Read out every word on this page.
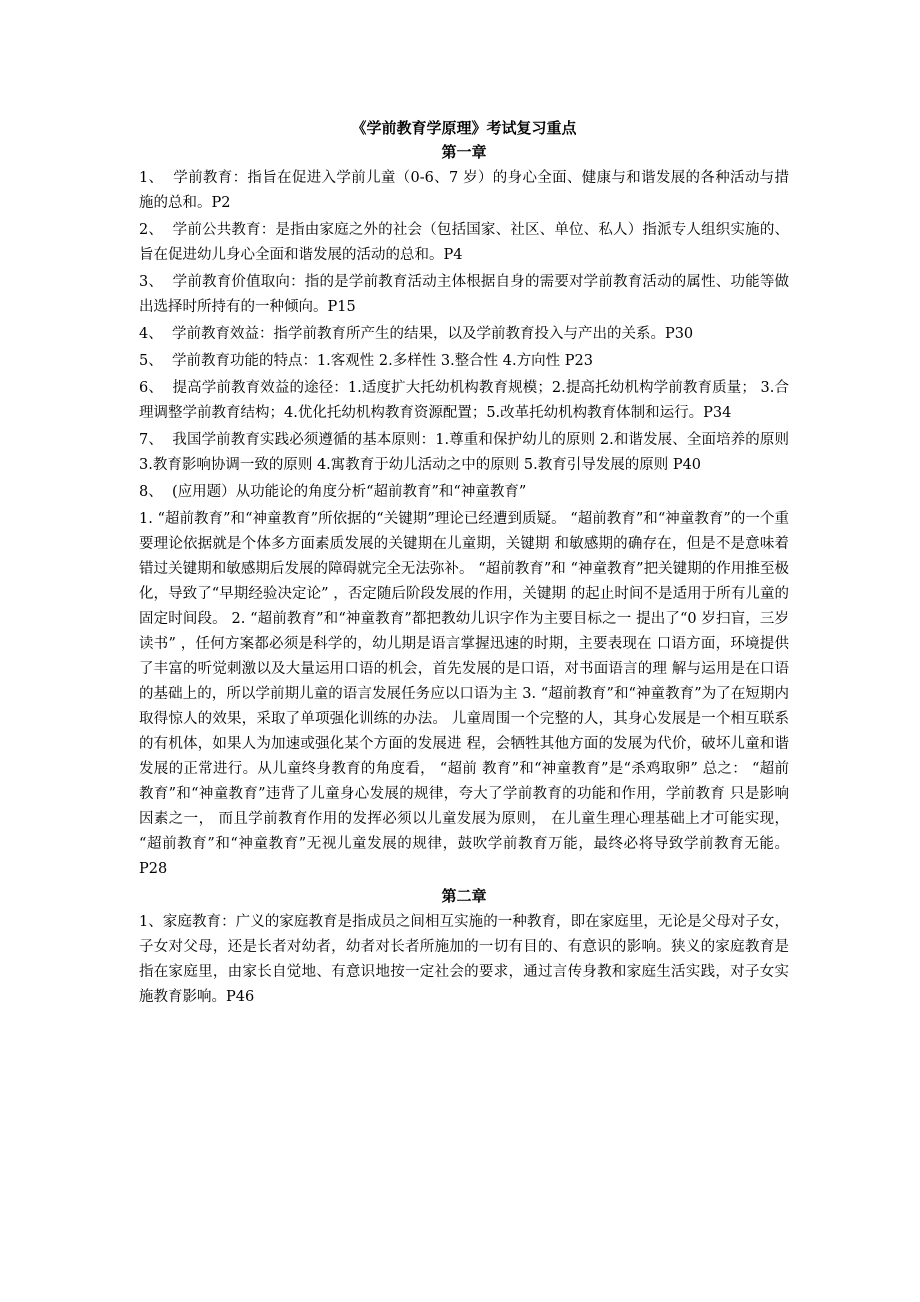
《学前教育学原理》考试复习重点

第一章

1、 学前教育：指旨在促进入学前儿童（0-6、7 岁）的身心全面、健康与和谐发展的各种活动与措施的总和。P2

2、 学前公共教育：是指由家庭之外的社会（包括国家、社区、单位、私人）指派专人组织实施的、旨在促进幼儿身心全面和谐发展的活动的总和。P4

3、 学前教育价值取向：指的是学前教育活动主体根据自身的需要对学前教育活动的属性、功能等做出选择时所持有的一种倾向。P15

4、 学前教育效益：指学前教育所产生的结果，以及学前教育投入与产出的关系。P30

5、 学前教育功能的特点：1.客观性 2.多样性 3.整合性 4.方向性 P23

6、 提高学前教育效益的途径：1.适度扩大托幼机构教育规模；2.提高托幼机构学前教育质量； 3.合理调整学前教育结构；4.优化托幼机构教育资源配置；5.改革托幼机构教育体制和运行。P34

7、 我国学前教育实践必须遵循的基本原则：1.尊重和保护幼儿的原则 2.和谐发展、全面培养的原则 3.教育影响协调一致的原则 4.寓教育于幼儿活动之中的原则 5.教育引导发展的原则 P40

8、 (应用题）从功能论的角度分析“超前教育”和“神童教育”

1. “超前教育”和“神童教育”所依据的“关键期”理论已经遭到质疑。 “超前教育”和“神童教育”的一个重要理论依据就是个体多方面素质发展的关键期在儿童期，关键期 和敏感期的确存在，但是不是意味着错过关键期和敏感期后发展的障碍就完全无法弥补。 “超前教育”和 “神童教育”把关键期的作用推至极化，导致了“早期经验决定论” ，否定随后阶段发展的作用，关键期 的起止时间不是适用于所有儿童的固定时间段。 2. “超前教育”和“神童教育”都把教幼儿识字作为主要目标之一 提出了“0 岁扫盲，三岁读书” ，任何方案都必须是科学的，幼儿期是语言掌握迅速的时期，主要表现在 口语方面，环境提供了丰富的听觉刺激以及大量运用口语的机会，首先发展的是口语，对书面语言的理 解与运用是在口语的基础上的，所以学前期儿童的语言发展任务应以口语为主 3. “超前教育”和“神童教育”为了在短期内取得惊人的效果，采取了单项强化训练的办法。 儿童周围一个完整的人，其身心发展是一个相互联系的有机体，如果人为加速或强化某个方面的发展进 程，会牺牲其他方面的发展为代价，破坏儿童和谐发展的正常进行。从儿童终身教育的角度看， “超前 教育”和“神童教育”是“杀鸡取卵” 总之： “超前教育”和“神童教育”违背了儿童身心发展的规律，夸大了学前教育的功能和作用，学前教育 只是影响因素之一， 而且学前教育作用的发挥必须以儿童发展为原则， 在儿童生理心理基础上才可能实现， “超前教育”和“神童教育”无视儿童发展的规律，鼓吹学前教育万能，最终必将导致学前教育无能。P28

第二章

1、家庭教育：广义的家庭教育是指成员之间相互实施的一种教育，即在家庭里，无论是父母对子女，子女对父母，还是长者对幼者，幼者对长者所施加的一切有目的、有意识的影响。狭义的家庭教育是指在家庭里，由家长自觉地、有意识地按一定社会的要求，通过言传身教和家庭生活实践，对子女实施教育影响。P46
